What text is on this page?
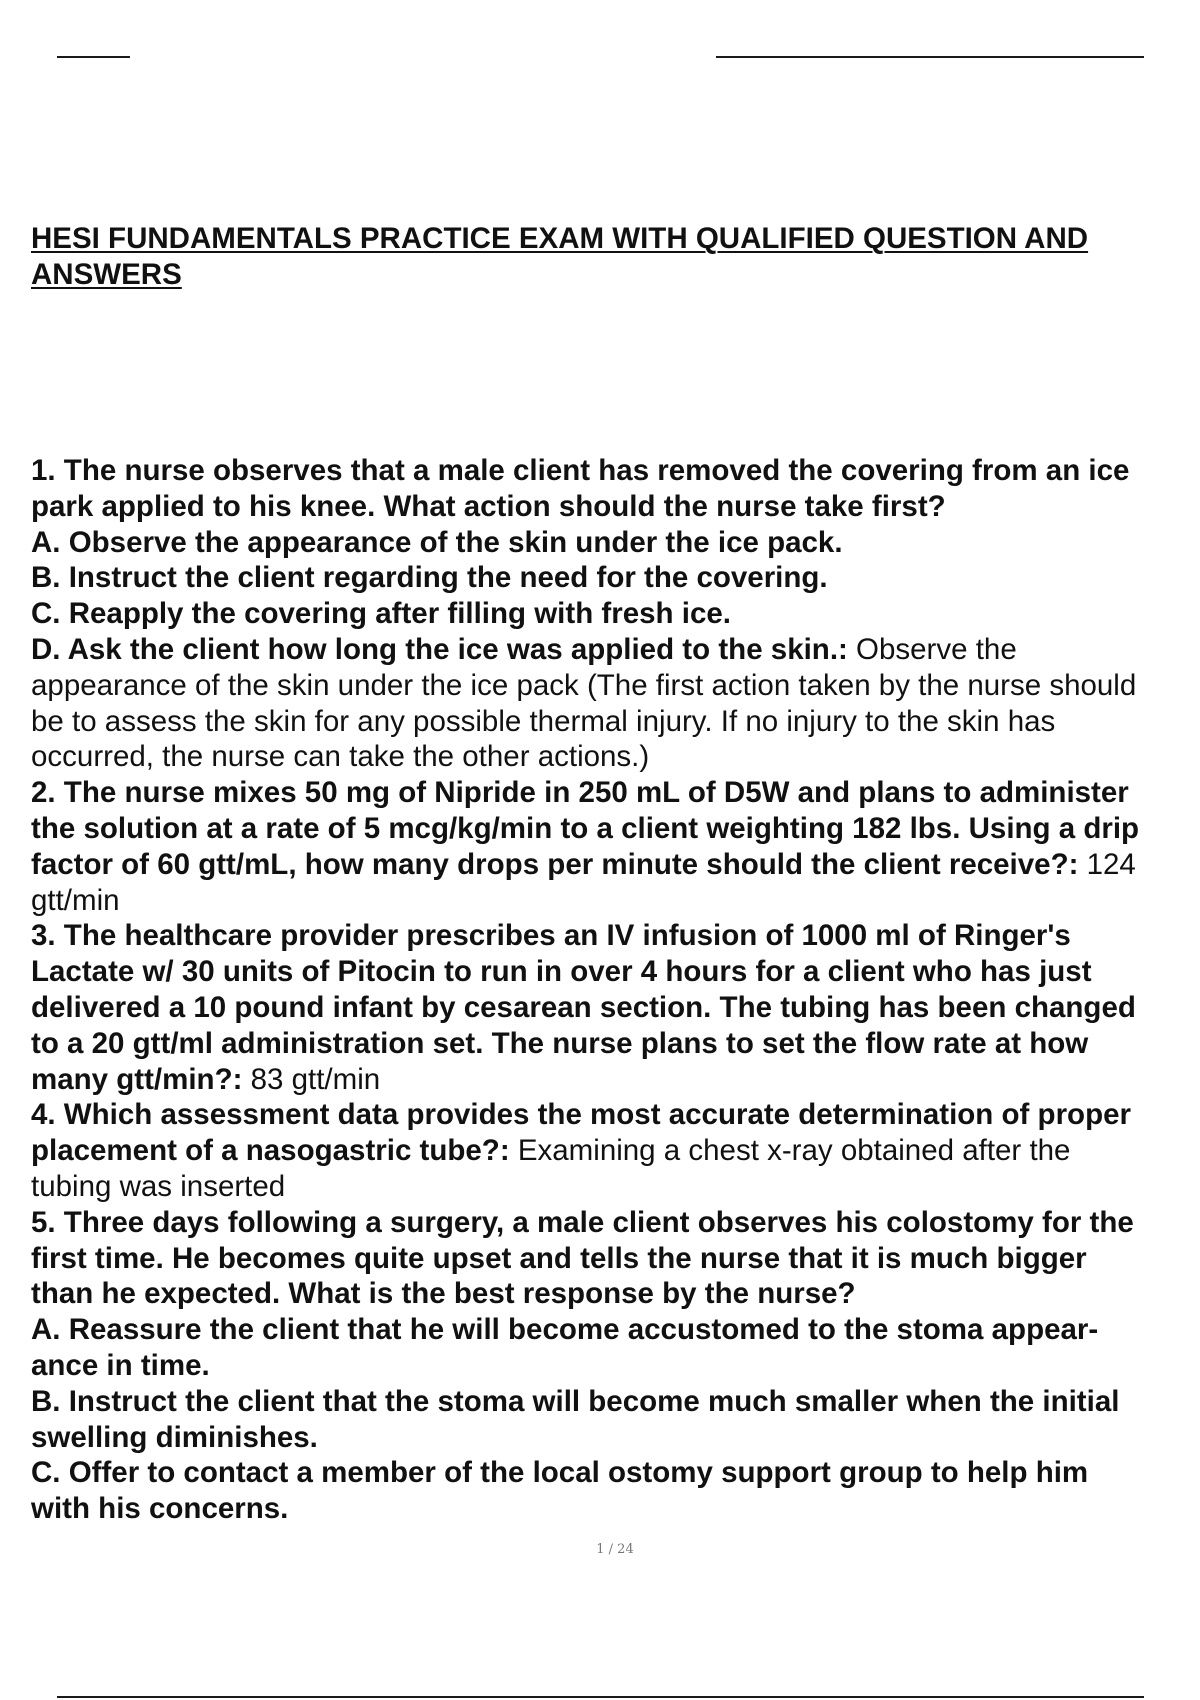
HESI FUNDAMENTALS PRACTICE EXAM WITH QUALIFIED QUESTION AND
ANSWERS
1. The nurse observes that a male client has removed the covering from an ice
park applied to his knee. What action should the nurse take first?
A. Observe the appearance of the skin under the ice pack.
B. Instruct the client regarding the need for the covering.
C. Reapply the covering after filling with fresh ice.
D. Ask the client how long the ice was applied to the skin.: Observe the
appearance of the skin under the ice pack (The first action taken by the nurse should
be to assess the skin for any possible thermal injury. If no injury to the skin has
occurred, the nurse can take the other actions.)
2. The nurse mixes 50 mg of Nipride in 250 mL of D5W and plans to administer
the solution at a rate of 5 mcg/kg/min to a client weighting 182 lbs. Using a drip
factor of 60 gtt/mL, how many drops per minute should the client receive?: 124
gtt/min
3. The healthcare provider prescribes an IV infusion of 1000 ml of Ringer's
Lactate w/ 30 units of Pitocin to run in over 4 hours for a client who has just
delivered a 10 pound infant by cesarean section. The tubing has been changed
to a 20 gtt/ml administration set. The nurse plans to set the flow rate at how
many gtt/min?: 83 gtt/min
4. Which assessment data provides the most accurate determination of proper
placement of a nasogastric tube?: Examining a chest x-ray obtained after the
tubing was inserted
5. Three days following a surgery, a male client observes his colostomy for the
first time. He becomes quite upset and tells the nurse that it is much bigger
than he expected. What is the best response by the nurse?
A. Reassure the client that he will become accustomed to the stoma appear-
ance in time.
B. Instruct the client that the stoma will become much smaller when the initial
swelling diminishes.
C. Offer to contact a member of the local ostomy support group to help him
with his concerns.
1 / 24
